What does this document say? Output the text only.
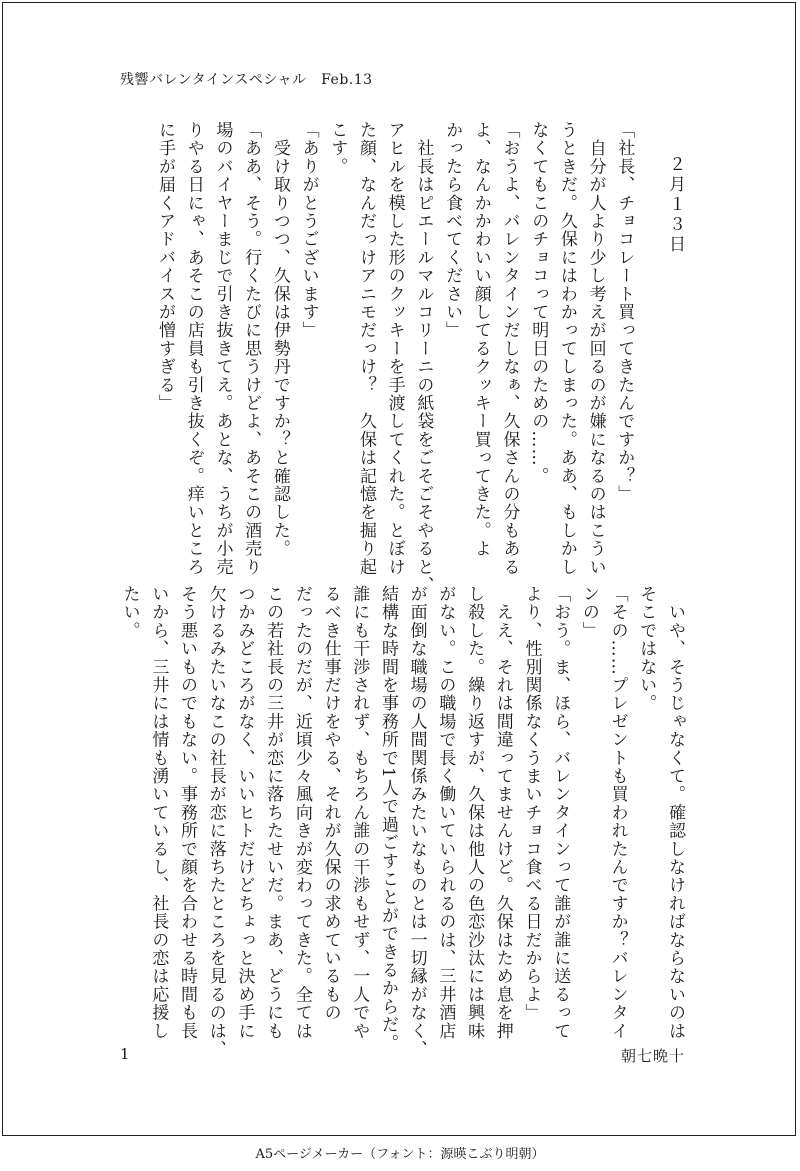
残響バレンタインスペシャル　Feb.13
２月１３日
「社長、チョコレート買ってきたんですか？」
　自分が人より少し考えが回るのが嫌になるのはこうい
うときだ。久保にはわかってしまった。ああ、もしかし
なくてもこのチョコって明日のための……。
「おうよ、バレンタインだしなぁ、久保さんの分もある
よ、なんかかわいい顔してるクッキー買ってきた。よ
かったら食べてください」
　社長はピエールマルコリーニの紙袋をごそごそやると、
アヒルを模した形のクッキーを手渡してくれた。とぼけ
た顔、なんだっけアニモだっけ？　久保は記憶を掘り起
こす。
「ありがとうございます」
　受け取りつつ、久保は伊勢丹ですか？と確認した。
「ああ、そう。行くたびに思うけどよ、あそこの酒売り
場のバイヤーまじで引き抜きてえ。あとな、うちが小売
りやる日にゃ、あそこの店員も引き抜くぞ。痒いところ
に手が届くアドバイスが憎すぎる」
　いや、そうじゃなくて。確認しなければならないのは
そこではない。
「その……プレゼントも買われたんですか？バレンタイ
ンの」
「おう。ま、ほら、バレンタインって誰が誰に送るって
より、性別関係なくうまいチョコ食べる日だからよ」
　ええ、それは間違ってませんけど。久保はため息を押
し殺した。繰り返すが、久保は他人の色恋沙汰には興味
がない。この職場で長く働いていられるのは、三井酒店
が面倒な職場の人間関係みたいなものとは一切縁がなく、
結構な時間を事務所で1人で過ごすことができるからだ。
誰にも干渉されず、もちろん誰の干渉もせず、一人でや
るべき仕事だけをやる、それが久保の求めているもの
だったのだが、近頃少々風向きが変わってきた。全ては
この若社長の三井が恋に落ちたせいだ。まあ、どうにも
つかみどころがなく、いいヒトだけどちょっと決め手に
欠けるみたいなこの社長が恋に落ちたところを見るのは、
そう悪いものでもない。事務所で顔を合わせる時間も長
いから、三井には情も湧いているし、社長の恋は応援し
たい。
1	朝七晩十
A5ページメーカー（フォント：源暎こぶり明朝）
